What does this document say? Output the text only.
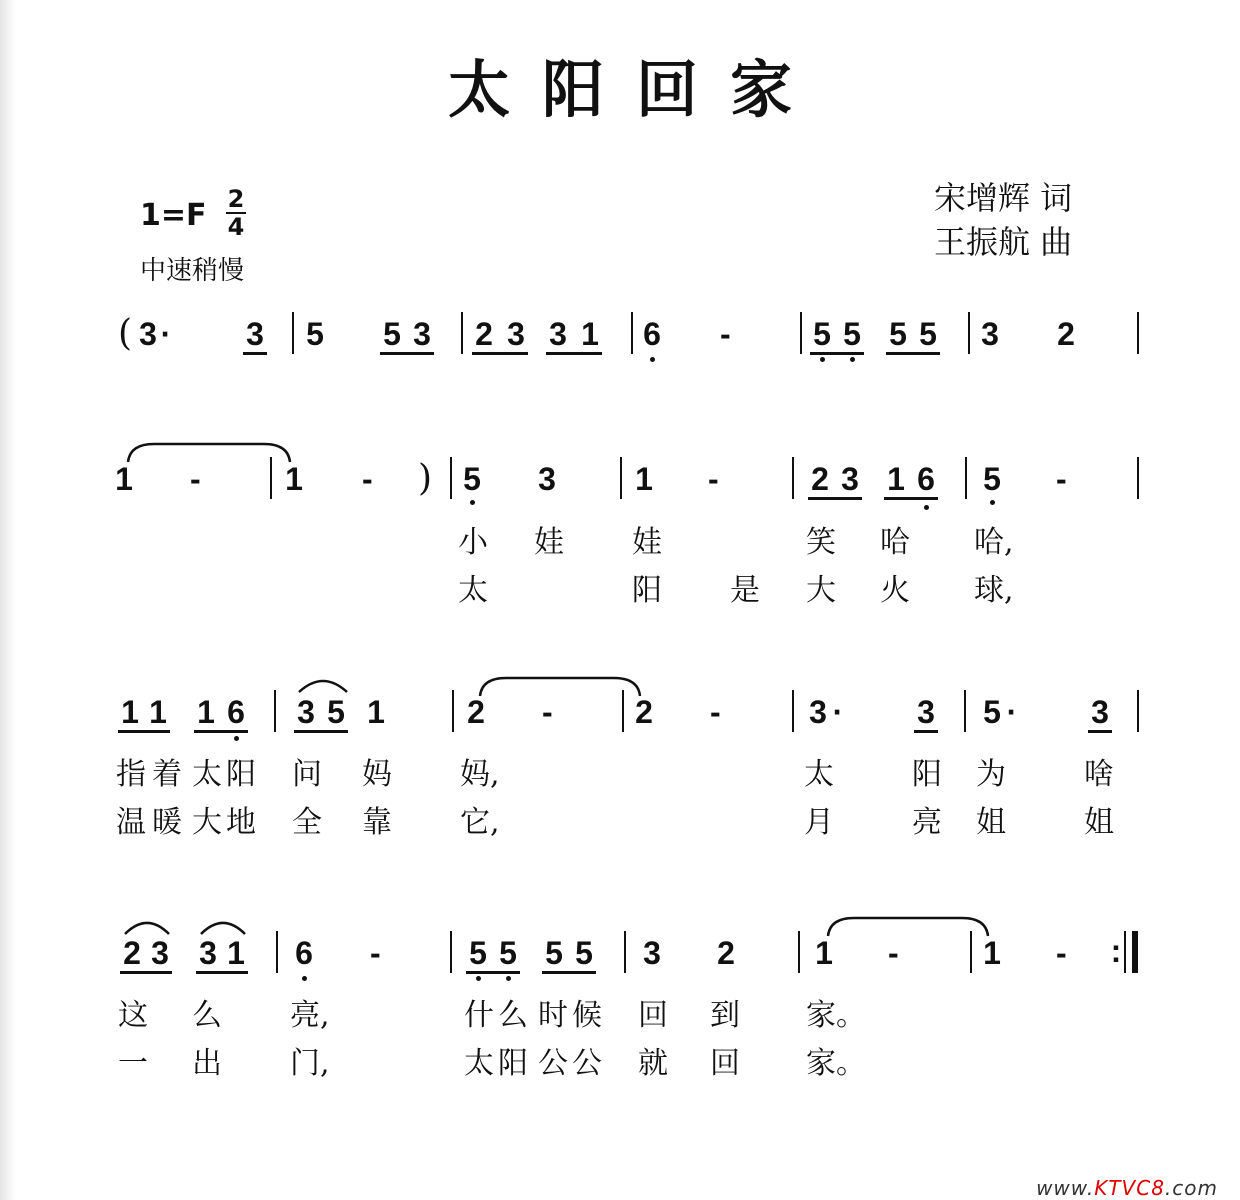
太阳回家
1=F 2
4
中速稍慢
宋增辉 词
王振航 曲
( 3 · 3 5 5 3 2 3 3 1 6 -	5 5 5 5 3 2
1 -	1 - ) 5 3 1 -	2 3 1 6 5 -
小 娃 娃	笑 哈 哈,
太	阳 是 大 火 球,
1 1 1 6 3 5 1	2 -	2 -	3 · 3 5 · 3
指 着 太 阳 问 妈 妈,	太	阳 为	啥
温 暖 大 地 全 靠 它,	月	亮 姐	姐
2 3 3 1 6 -	5 5 5 5 3 2	1 -	1 - :
这 么 亮,	什 么 时 候 回 到 家。
一 出 门,	太 阳 公 公 就 回 家。
www.KTVC8.com
